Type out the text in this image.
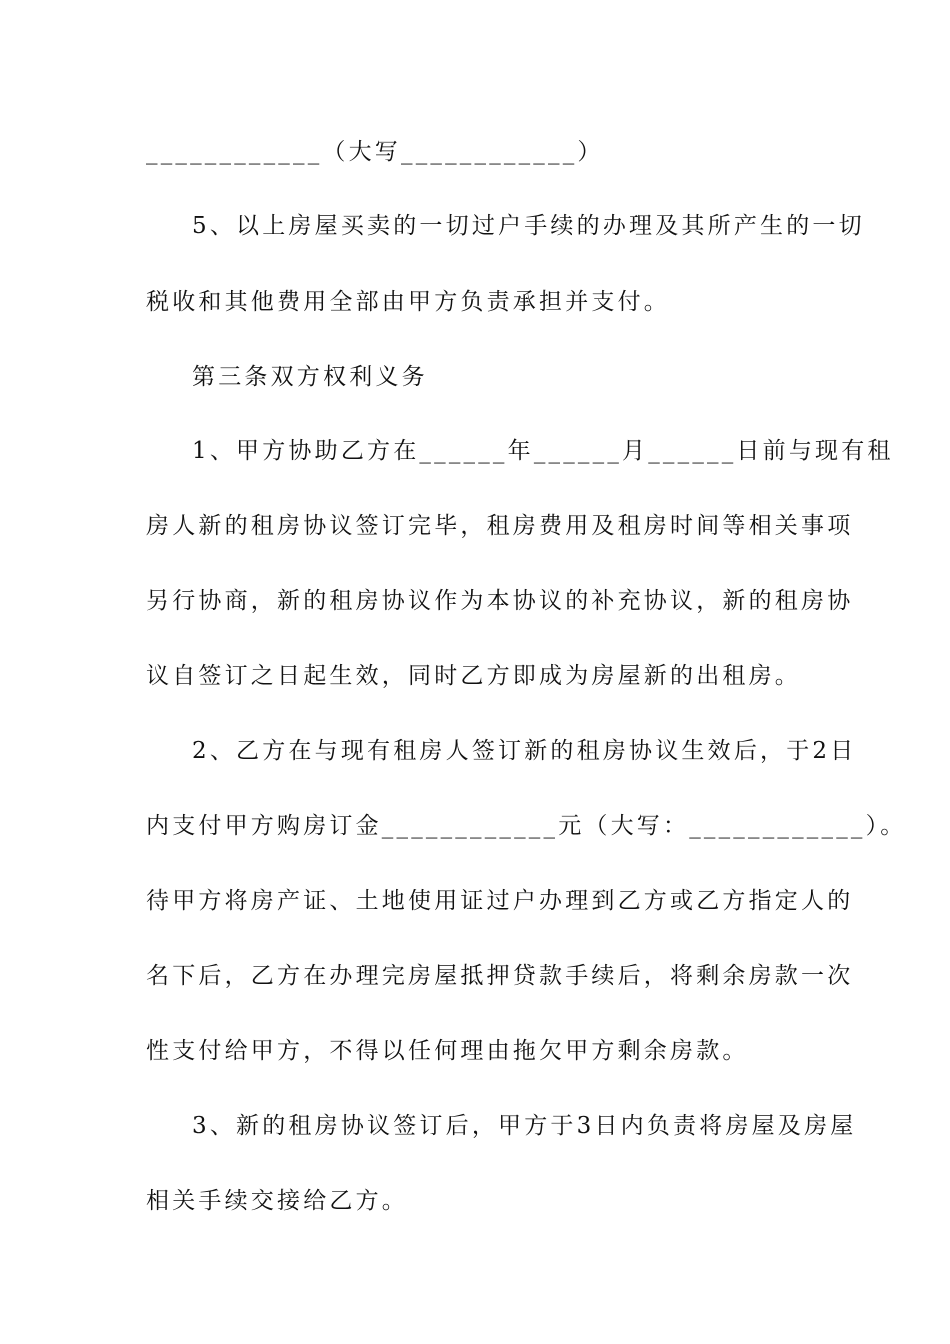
____________（大写____________）
5、以上房屋买卖的一切过户手续的办理及其所产生的一切
税收和其他费用全部由甲方负责承担并支付。
第三条双方权利义务
1、甲方协助乙方在______年______月______日前与现有租
房人新的租房协议签订完毕，租房费用及租房时间等相关事项
另行协商，新的租房协议作为本协议的补充协议，新的租房协
议自签订之日起生效，同时乙方即成为房屋新的出租房。
2、乙方在与现有租房人签订新的租房协议生效后，于2日
内支付甲方购房订金____________元（大写：____________）。
待甲方将房产证、土地使用证过户办理到乙方或乙方指定人的
名下后，乙方在办理完房屋抵押贷款手续后，将剩余房款一次
性支付给甲方，不得以任何理由拖欠甲方剩余房款。
3、新的租房协议签订后，甲方于3日内负责将房屋及房屋
相关手续交接给乙方。
